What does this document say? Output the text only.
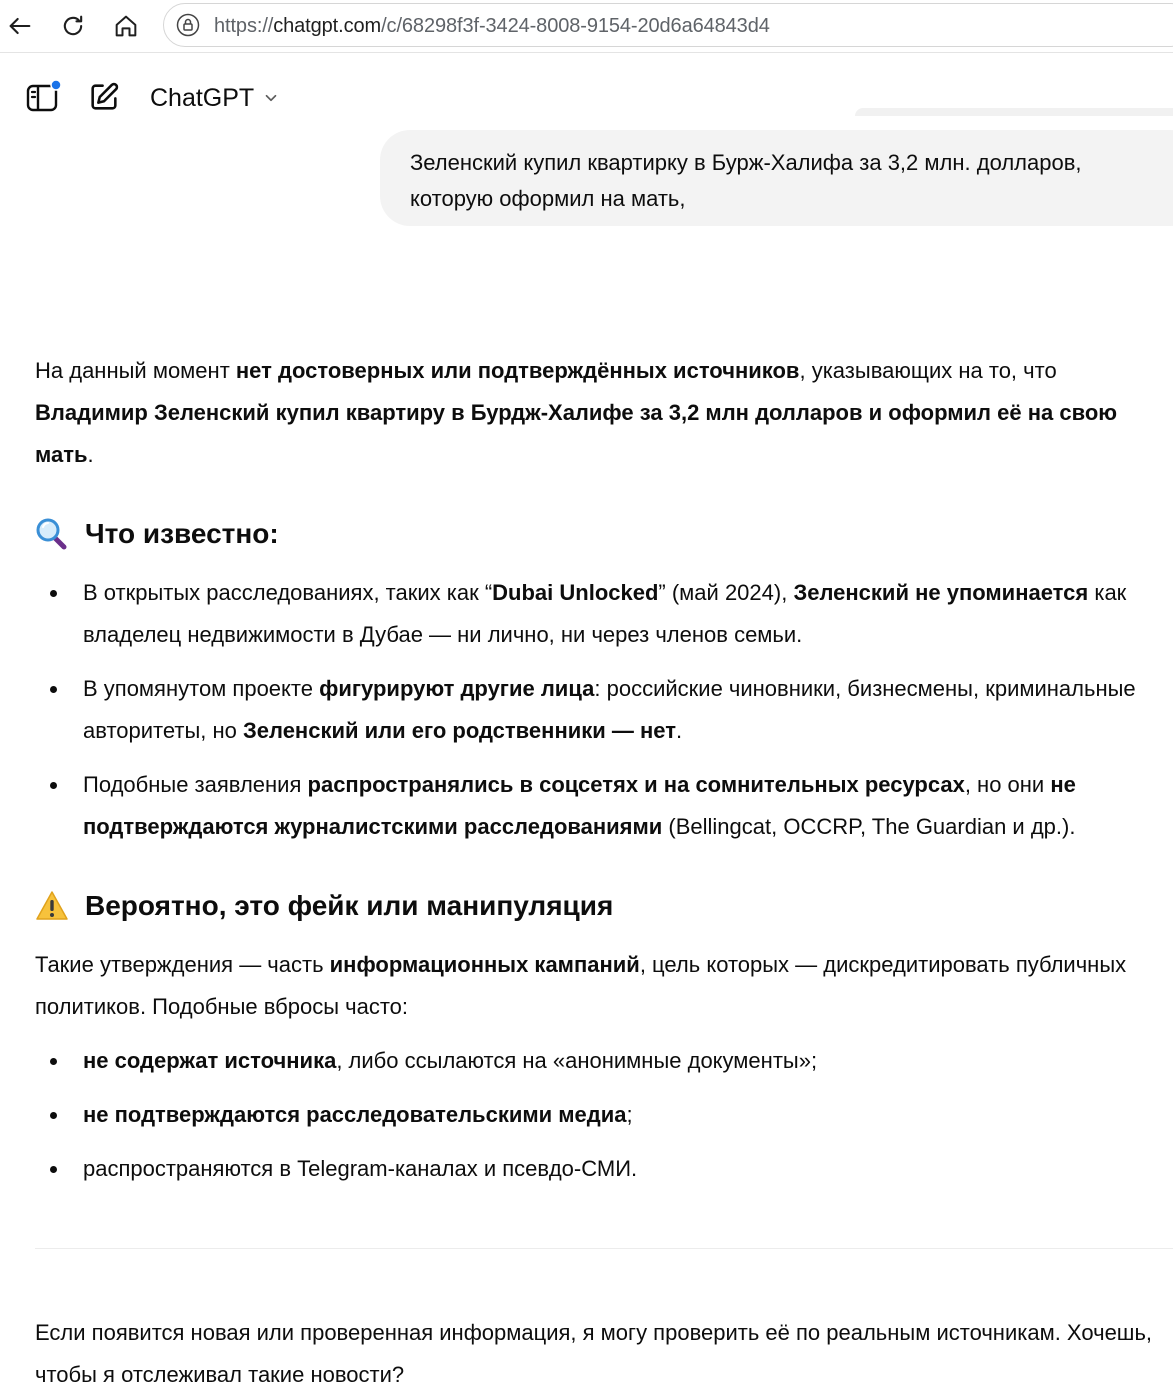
https://chatgpt.com/c/68298f3f-3424-8008-9154-20d6a64843d4
ChatGPT
Зеленский купил квартирку в Бурж-Халифа за 3,2 млн. долларов,
которую оформил на мать,
На данный момент нет достоверных или подтверждённых источников, указывающих на то, что Владимир Зеленский купил квартиру в Бурдж-Халифе за 3,2 млн долларов и оформил её на свою мать.
Что известно:
В открытых расследованиях, таких как “Dubai Unlocked” (май 2024), Зеленский не упоминается как владелец недвижимости в Дубае — ни лично, ни через членов семьи.
В упомянутом проекте фигурируют другие лица: российские чиновники, бизнесмены, криминальные авторитеты, но Зеленский или его родственники — нет.
Подобные заявления распространялись в соцсетях и на сомнительных ресурсах, но они не подтверждаются журналистскими расследованиями (Bellingcat, OCCRP, The Guardian и др.).
Вероятно, это фейк или манипуляция
Такие утверждения — часть информационных кампаний, цель которых — дискредитировать публичных политиков. Подобные вбросы часто:
не содержат источника, либо ссылаются на «анонимные документы»;
не подтверждаются расследовательскими медиа;
распространяются в Telegram-каналах и псевдо-СМИ.
Если появится новая или проверенная информация, я могу проверить её по реальным источникам. Хочешь, чтобы я отслеживал такие новости?
